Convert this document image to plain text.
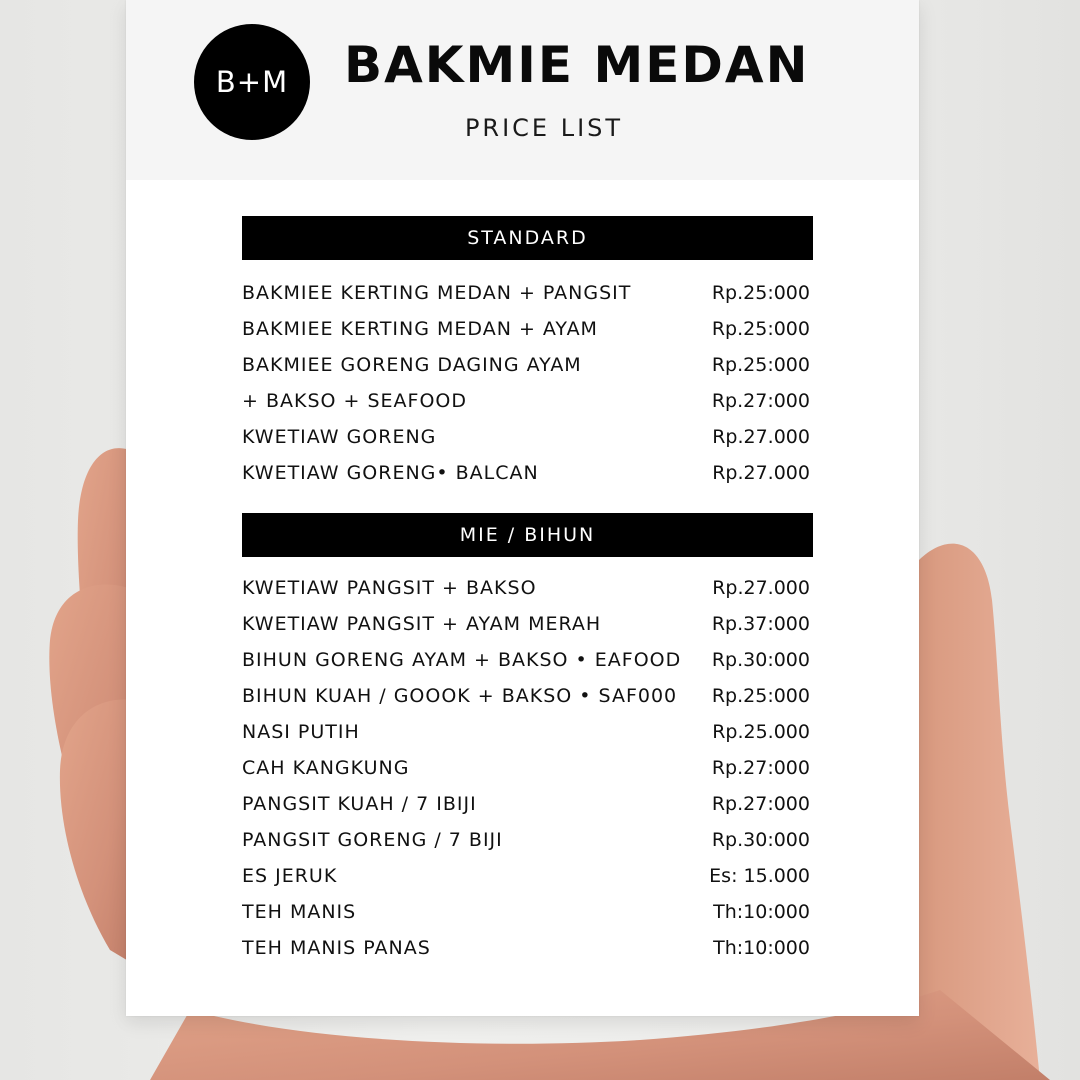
B+M BAKMIE MEDAN
PRICE LIST
STANDARD
BAKMIEE KERTING MEDAN + PANGSIT	Rp.25:000
BAKMIEE KERTING MEDAN + AYAM	Rp.25:000
BAKMIEE GORENG DAGING AYAM	Rp.25:000
+ BAKSO + SEAFOOD	Rp.27:000
KWETIAW GORENG	Rp.27.000
KWETIAW GORENG• BALCAN	Rp.27.000
MIE / BIHUN
KWETIAW PANGSIT + BAKSO	Rp.27.000
KWETIAW PANGSIT + AYAM MERAH	Rp.37:000
BIHUN GORENG AYAM + BAKSO • EAFOOD	Rp.30:000
BIHUN KUAH / GOOOK + BAKSO • SAF000	Rp.25:000
NASI PUTIH	Rp.25.000
CAH KANGKUNG	Rp.27:000
PANGSIT KUAH / 7 IBIJI	Rp.27:000
PANGSIT GORENG / 7 BIJI	Rp.30:000
ES JERUK	Es: 15.000
TEH MANIS	Th:10:000
TEH MANIS PANAS	Th:10:000
